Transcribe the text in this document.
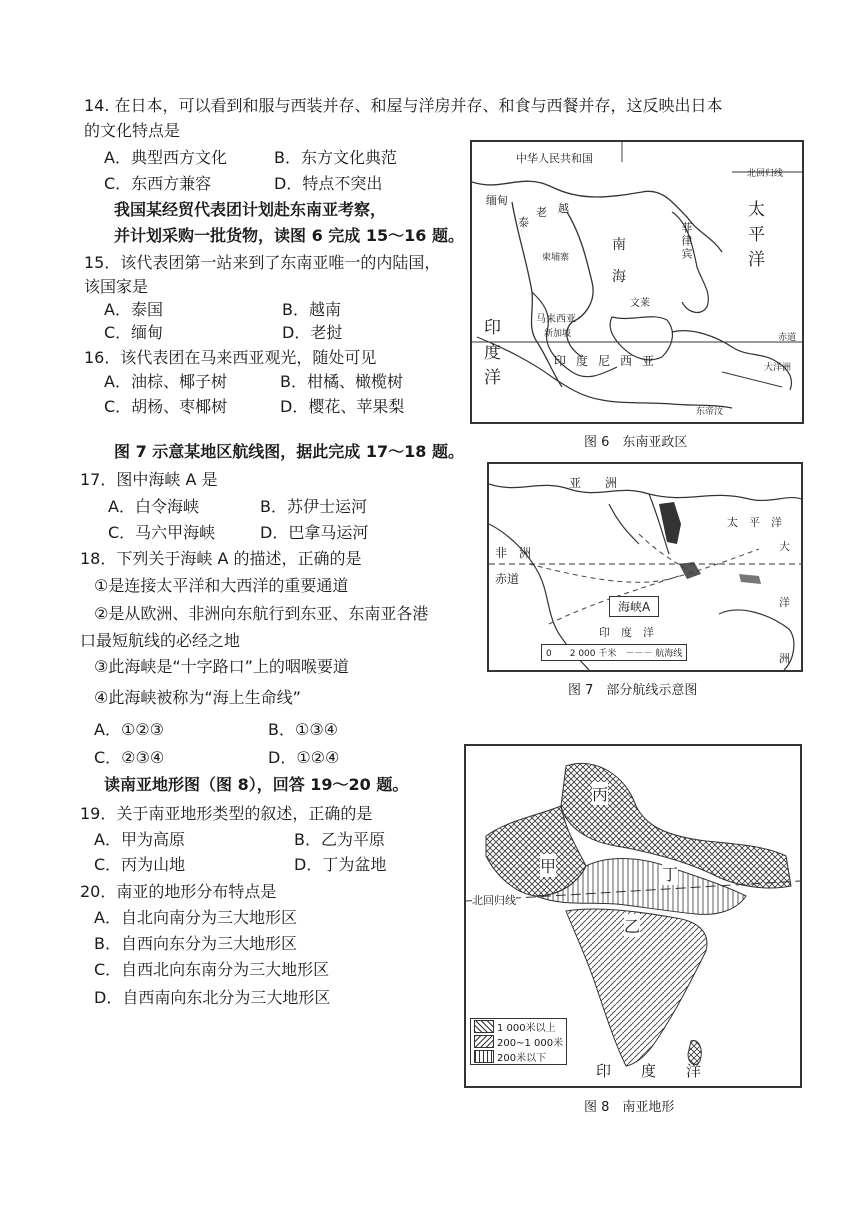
14. 在日本，可以看到和服与西装并存、和屋与洋房并存、和食与西餐并存，这反映出日本
的文化特点是
A．典型西方文化	B．东方文化典范
C．东西方兼容	D．特点不突出
我国某经贸代表团计划赴东南亚考察，
并计划采购一批货物，读图 6 完成 15～16 题。
15．该代表团第一站来到了东南亚唯一的内陆国，
该国家是
A．泰国	B．越南
C．缅甸	D．老挝
16．该代表团在马来西亚观光，随处可见
A．油棕、椰子树	B．柑橘、橄榄树
C．胡杨、枣椰树	D．樱花、苹果梨
图 7 示意某地区航线图，据此完成 17～18 题。
17．图中海峡 A 是
A．白令海峡	B．苏伊士运河
C．马六甲海峡	D．巴拿马运河
18．下列关于海峡 A 的描述，正确的是
①是连接太平洋和大西洋的重要通道
②是从欧洲、非洲向东航行到东亚、东南亚各港
口最短航线的必经之地
③此海峡是“十字路口”上的咽喉要道
④此海峡被称为“海上生命线”
A．①②③	B．①③④
C．②③④	D．①②④
读南亚地形图（图 8），回答 19～20 题。
19．关于南亚地形类型的叙述，正确的是
A．甲为高原	B．乙为平原
C．丙为山地	D．丁为盆地
20．南亚的地形分布特点是
A．自北向南分为三大地形区
B．自西向东分为三大地形区
C．自西北向东南分为三大地形区
D．自西南向东北分为三大地形区
中华人民共和国
北回归线
缅甸
老
泰
越
柬埔寨
南
海
菲律宾	太平洋
文莱
马来西亚
新加坡
印度尼西亚
印度洋	赤道
大洋洲
东帝汶
图 6　东南亚政区
亚　　洲
非　洲
赤道
太　平　洋
大
洋
洲
海峡A
印　度　洋
0　　2 000 千米　－－－ 航海线
图 7　部分航线示意图
丙
甲	丁
乙
北回归线
印　　度　　洋
1 000米以上
200~1 000米
200米以下
图 8　南亚地形
